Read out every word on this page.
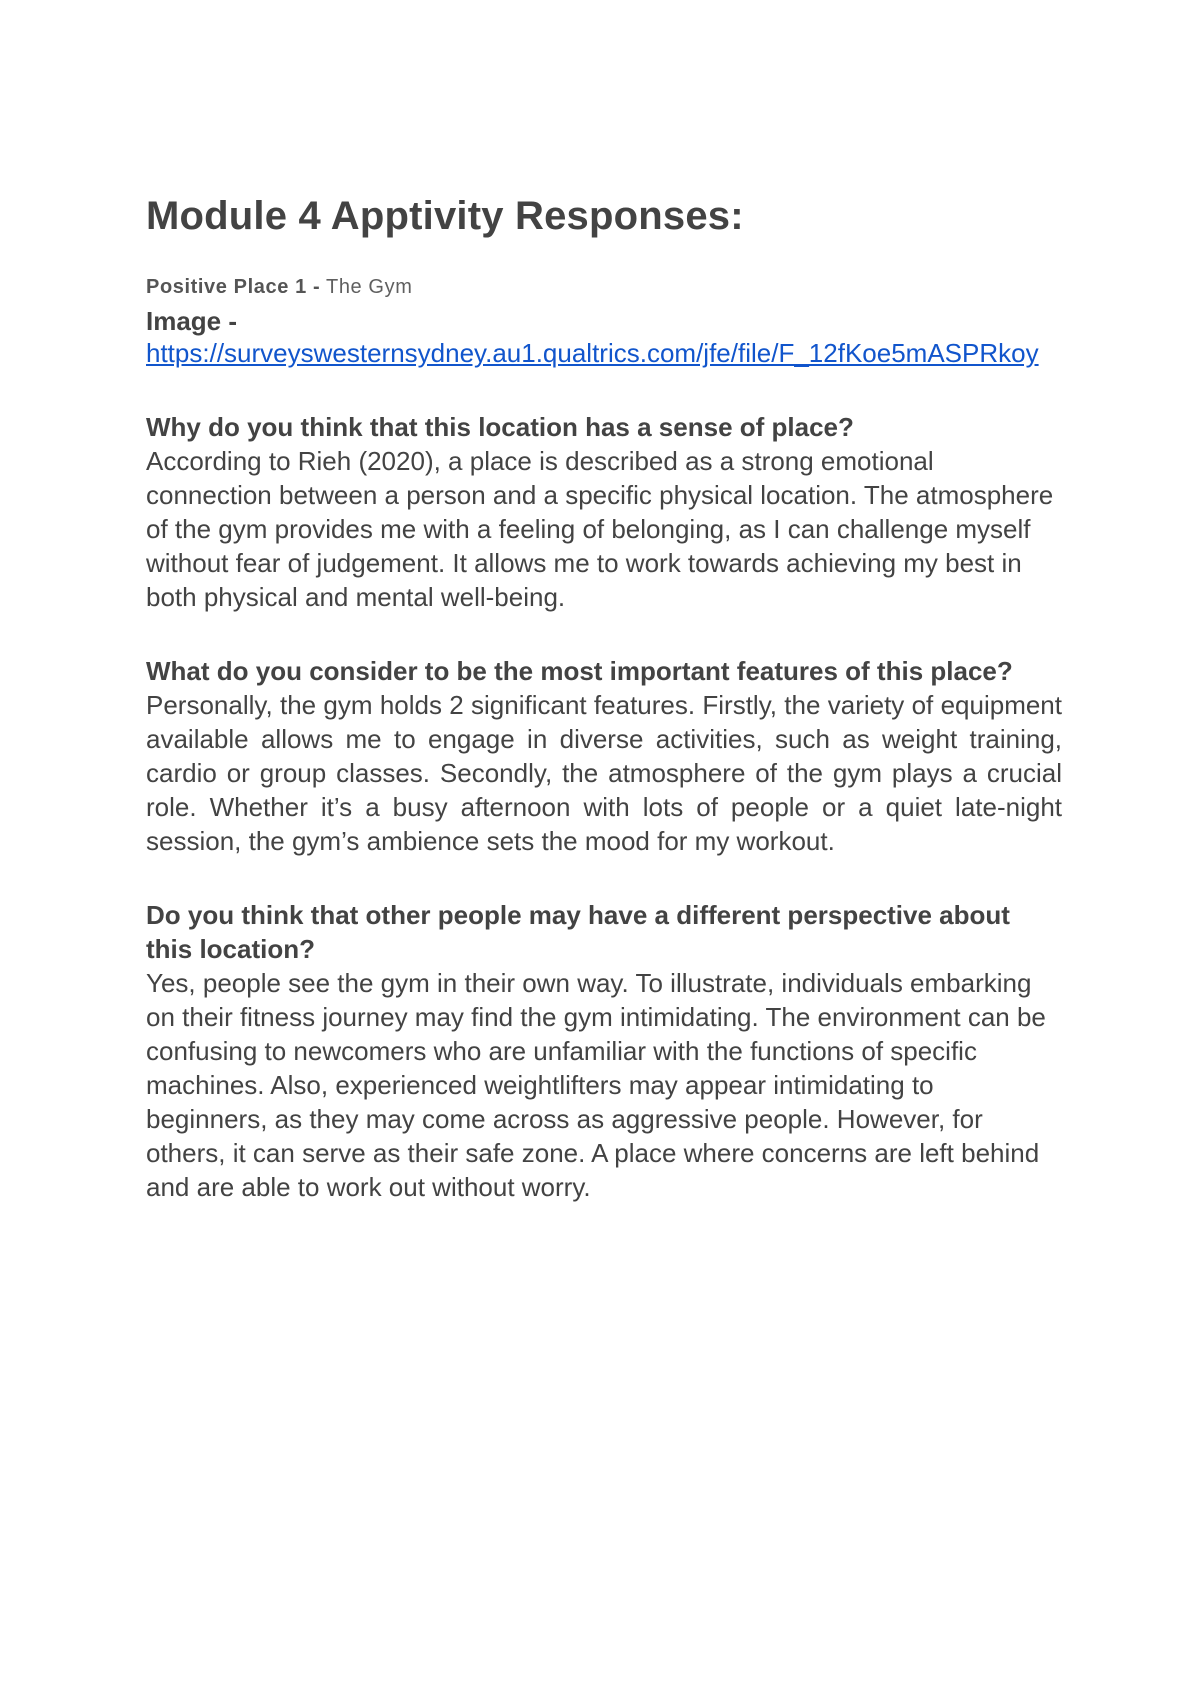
Module 4 Apptivity Responses:
Positive Place 1 - The Gym
Image -
https://surveyswesternsydney.au1.qualtrics.com/jfe/file/F_12fKoe5mASPRkoy

Why do you think that this location has a sense of place?

According to Rieh (2020), a place is described as a strong emotional connection between a person and a specific physical location. The atmosphere of the gym provides me with a feeling of belonging, as I can challenge myself without fear of judgement. It allows me to work towards achieving my best in both physical and mental well-being.

What do you consider to be the most important features of this place?

Personally, the gym holds 2 significant features. Firstly, the variety of equipment available allows me to engage in diverse activities, such as weight training, cardio or group classes. Secondly, the atmosphere of the gym plays a crucial role. Whether it’s a busy afternoon with lots of people or a quiet late-night session, the gym’s ambience sets the mood for my workout.

Do you think that other people may have a different perspective about this location?

Yes, people see the gym in their own way. To illustrate, individuals embarking on their fitness journey may find the gym intimidating. The environment can be confusing to newcomers who are unfamiliar with the functions of specific machines. Also, experienced weightlifters may appear intimidating to beginners, as they may come across as aggressive people. However, for others, it can serve as their safe zone. A place where concerns are left behind and are able to work out without worry.
